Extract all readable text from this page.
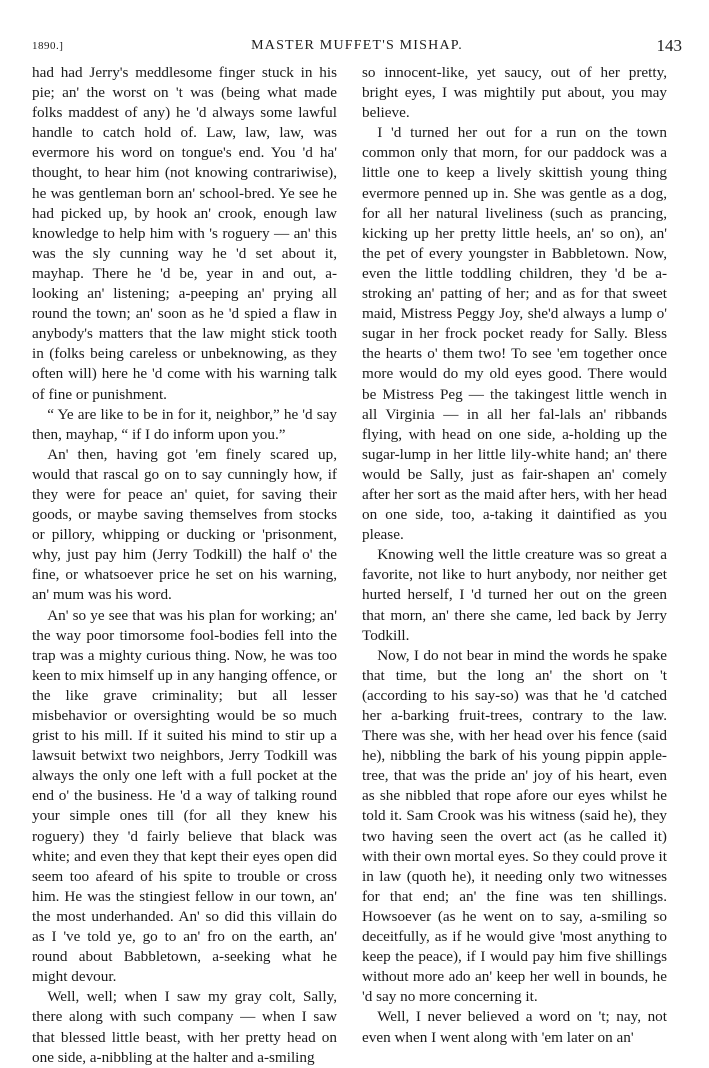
1890.]	MASTER MUFFET'S MISHAP.	143

had had Jerry's meddlesome finger stuck in his pie; an' the worst on 't was (being what made folks maddest of any) he 'd always some lawful handle to catch hold of. Law, law, law, was evermore his word on tongue's end. You 'd ha' thought, to hear him (not knowing contrariwise), he was gentleman born an' school-bred. Ye see he had picked up, by hook an' crook, enough law knowledge to help him with 's roguery — an' this was the sly cunning way he 'd set about it, mayhap. There he 'd be, year in and out, a-looking an' listening; a-peeping an' prying all round the town; an' soon as he 'd spied a flaw in anybody's matters that the law might stick tooth in (folks being careless or unbeknowing, as they often will) here he 'd come with his warning talk of fine or punishment.

“ Ye are like to be in for it, neighbor,” he 'd say then, mayhap, “ if I do inform upon you.”

An' then, having got 'em finely scared up, would that rascal go on to say cunningly how, if they were for peace an' quiet, for saving their goods, or maybe saving themselves from stocks or pillory, whipping or ducking or 'prisonment, why, just pay him (Jerry Todkill) the half o' the fine, or whatsoever price he set on his warning, an' mum was his word.

An' so ye see that was his plan for working; an' the way poor timorsome fool-bodies fell into the trap was a mighty curious thing. Now, he was too keen to mix himself up in any hanging offence, or the like grave criminality; but all lesser misbehavior or oversighting would be so much grist to his mill. If it suited his mind to stir up a lawsuit betwixt two neighbors, Jerry Todkill was always the only one left with a full pocket at the end o' the business. He 'd a way of talking round your simple ones till (for all they knew his roguery) they 'd fairly believe that black was white; and even they that kept their eyes open did seem too afeard of his spite to trouble or cross him. He was the stingiest fellow in our town, an' the most underhanded. An' so did this villain do as I 've told ye, go to an' fro on the earth, an' round about Babbletown, a-seeking what he might devour.

Well, well; when I saw my gray colt, Sally, there along with such company — when I saw that blessed little beast, with her pretty head on one side, a-nibbling at the halter and a-smiling

so innocent-like, yet saucy, out of her pretty, bright eyes, I was mightily put about, you may believe.

I 'd turned her out for a run on the town common only that morn, for our paddock was a little one to keep a lively skittish young thing evermore penned up in. She was gentle as a dog, for all her natural liveliness (such as prancing, kicking up her pretty little heels, an' so on), an' the pet of every youngster in Babbletown. Now, even the little toddling children, they 'd be a-stroking an' patting of her; and as for that sweet maid, Mistress Peggy Joy, she'd always a lump o' sugar in her frock pocket ready for Sally. Bless the hearts o' them two! To see 'em together once more would do my old eyes good. There would be Mistress Peg — the takingest little wench in all Virginia — in all her fal-lals an' ribbands flying, with head on one side, a-holding up the sugar-lump in her little lily-white hand; an' there would be Sally, just as fair-shapen an' comely after her sort as the maid after hers, with her head on one side, too, a-taking it daintified as you please.

Knowing well the little creature was so great a favorite, not like to hurt anybody, nor neither get hurted herself, I 'd turned her out on the green that morn, an' there she came, led back by Jerry Todkill.

Now, I do not bear in mind the words he spake that time, but the long an' the short on 't (according to his say-so) was that he 'd catched her a-barking fruit-trees, contrary to the law. There was she, with her head over his fence (said he), nibbling the bark of his young pippin apple-tree, that was the pride an' joy of his heart, even as she nibbled that rope afore our eyes whilst he told it. Sam Crook was his witness (said he), they two having seen the overt act (as he called it) with their own mortal eyes. So they could prove it in law (quoth he), it needing only two witnesses for that end; an' the fine was ten shillings. Howsoever (as he went on to say, a-smiling so deceitfully, as if he would give 'most anything to keep the peace), if I would pay him five shillings without more ado an' keep her well in bounds, he 'd say no more concerning it.

Well, I never believed a word on 't; nay, not even when I went along with 'em later on an'
